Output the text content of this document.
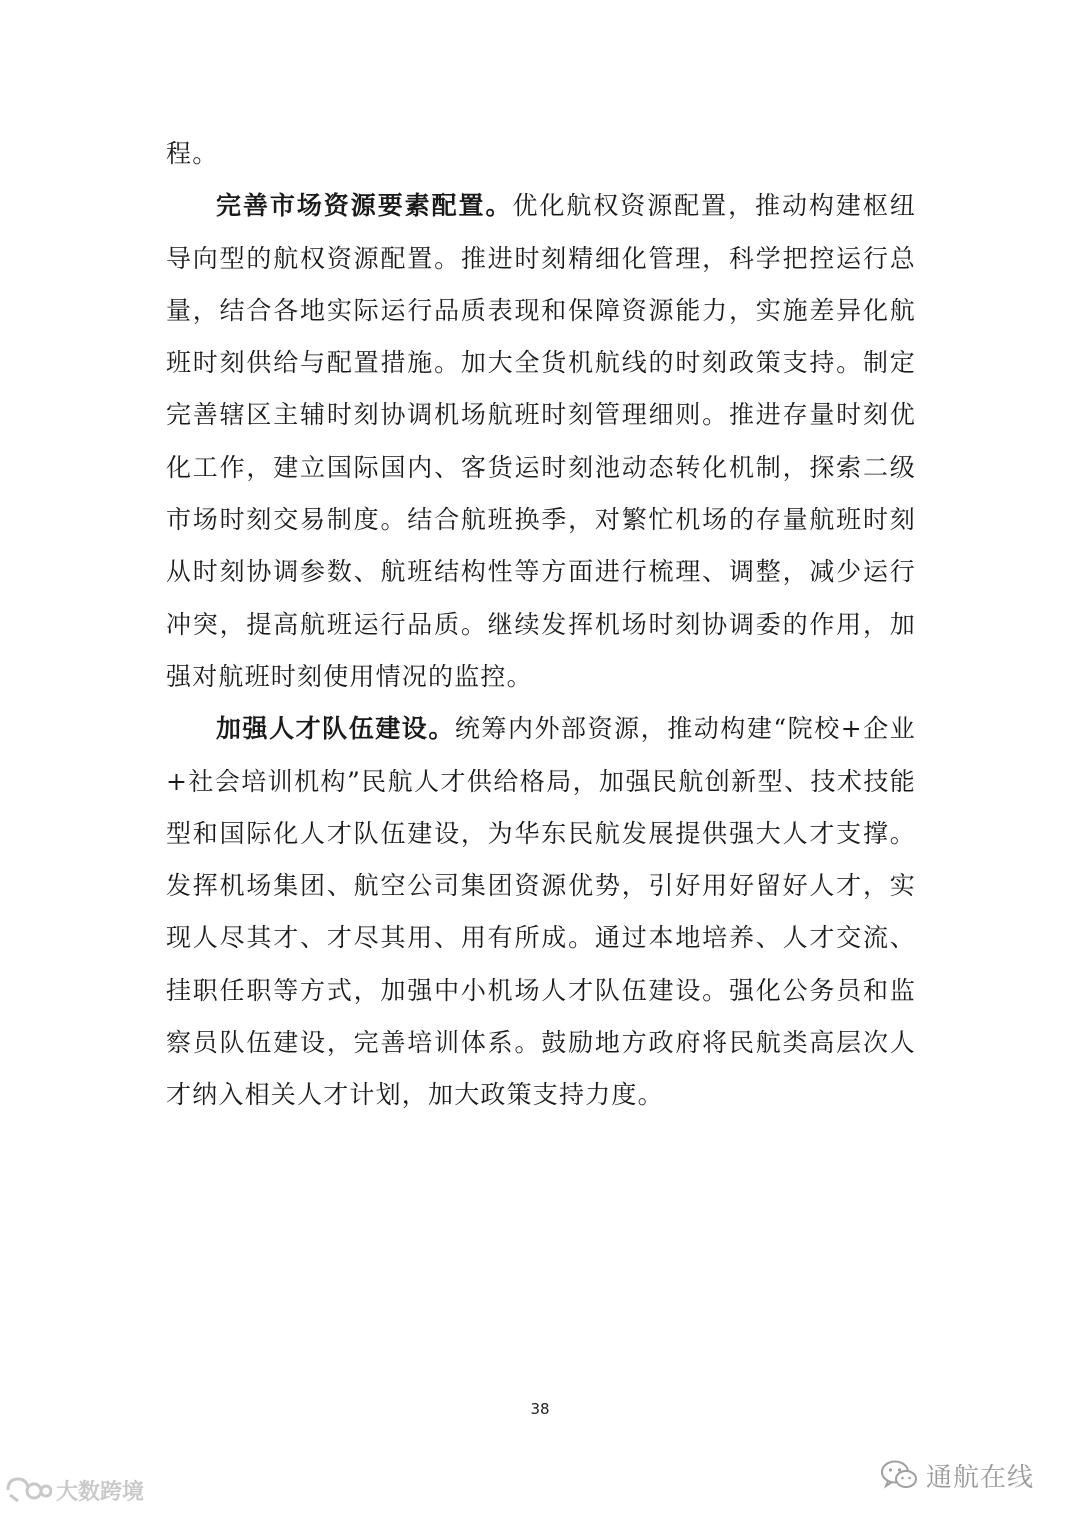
程。

完善市场资源要素配置。优化航权资源配置，推动构建枢纽导向型的航权资源配置。推进时刻精细化管理，科学把控运行总量，结合各地实际运行品质表现和保障资源能力，实施差异化航班时刻供给与配置措施。加大全货机航线的时刻政策支持。制定完善辖区主辅时刻协调机场航班时刻管理细则。推进存量时刻优化工作，建立国际国内、客货运时刻池动态转化机制，探索二级市场时刻交易制度。结合航班换季，对繁忙机场的存量航班时刻从时刻协调参数、航班结构性等方面进行梳理、调整，减少运行冲突，提高航班运行品质。继续发挥机场时刻协调委的作用，加强对航班时刻使用情况的监控。

加强人才队伍建设。统筹内外部资源，推动构建“院校+企业+社会培训机构”民航人才供给格局，加强民航创新型、技术技能型和国际化人才队伍建设，为华东民航发展提供强大人才支撑。发挥机场集团、航空公司集团资源优势，引好用好留好人才，实现人尽其才、才尽其用、用有所成。通过本地培养、人才交流、挂职任职等方式，加强中小机场人才队伍建设。强化公务员和监察员队伍建设，完善培训体系。鼓励地方政府将民航类高层次人才纳入相关人才计划，加大政策支持力度。

38
通航在线
大数跨境
